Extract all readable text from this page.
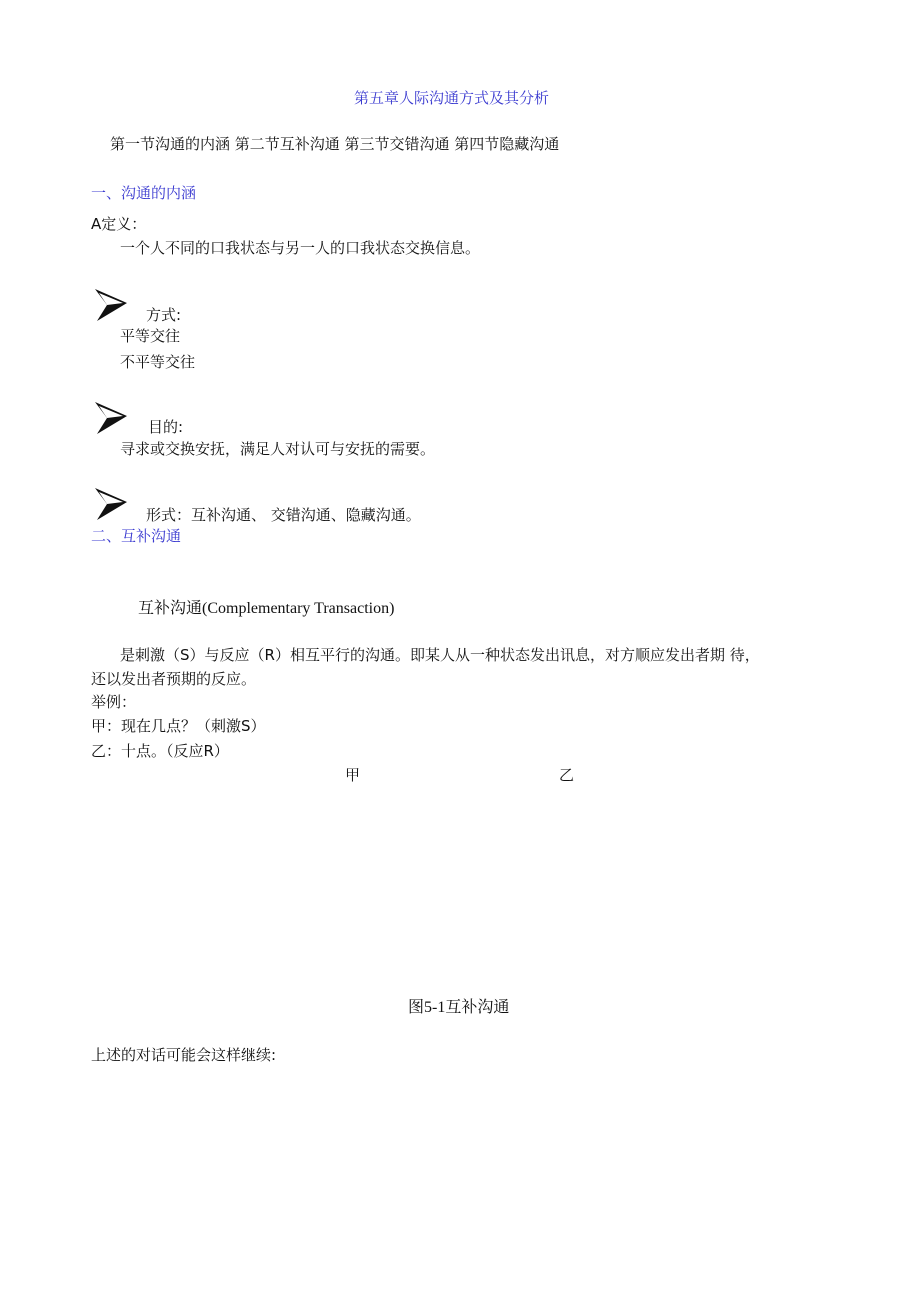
第五章人际沟通方式及其分析
第一节沟通的内涵 第二节互补沟通 第三节交错沟通 第四节隐藏沟通
一、沟通的内涵
A定义：
一个人不同的口我状态与另一人的口我状态交换信息。
方式:
平等交往
不平等交往
目的:
寻求或交换安抚，满足人对认可与安抚的需要。
形式：互补沟通、 交错沟通、隐藏沟通。
二、互补沟通
互补沟通(Complementary Transaction)
是刺激（S）与反应（R）相互平行的沟通。即某人从一种状态发出讯息，对方顺应发出者期 待，
还以发出者预期的反应。
举例：
甲：现在几点？（刺激S）
乙：十点。（反应R）
甲	乙
图5-1互补沟通
上述的对话可能会这样继续:
